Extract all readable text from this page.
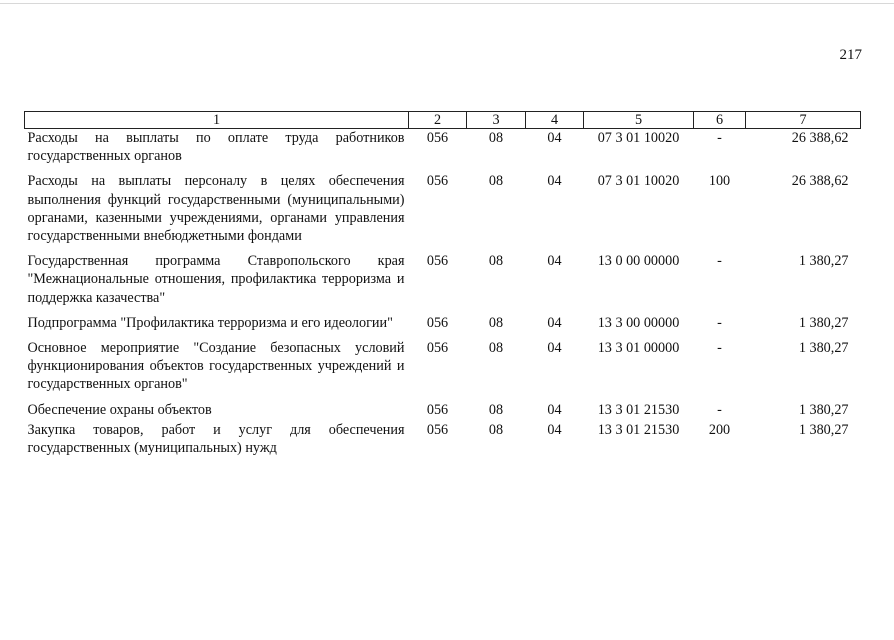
217
1	2	3	4	5	6	7
Расходы на выплаты по оплате труда работников государственных органов	056	08	04	07 3 01 10020	-	26 388,62
Расходы на выплаты персоналу в целях обеспечения выполнения функций государственными (муниципальными) органами, казенными учреждениями, органами управления государственными внебюджетными фондами	056	08	04	07 3 01 10020	100	26 388,62
Государственная программа Ставропольского края "Межнациональные отношения, профилактика терроризма и поддержка казачества"	056	08	04	13 0 00 00000	-	1 380,27
Подпрограмма "Профилактика терроризма и его идеологии"	056	08	04	13 3 00 00000	-	1 380,27
Основное мероприятие "Создание безопасных условий функционирования объектов государственных учреждений и государственных органов"	056	08	04	13 3 01 00000	-	1 380,27
Обеспечение охраны объектов	056	08	04	13 3 01 21530	-	1 380,27
Закупка товаров, работ и услуг для обеспечения государственных (муниципальных) нужд	056	08	04	13 3 01 21530	200	1 380,27
